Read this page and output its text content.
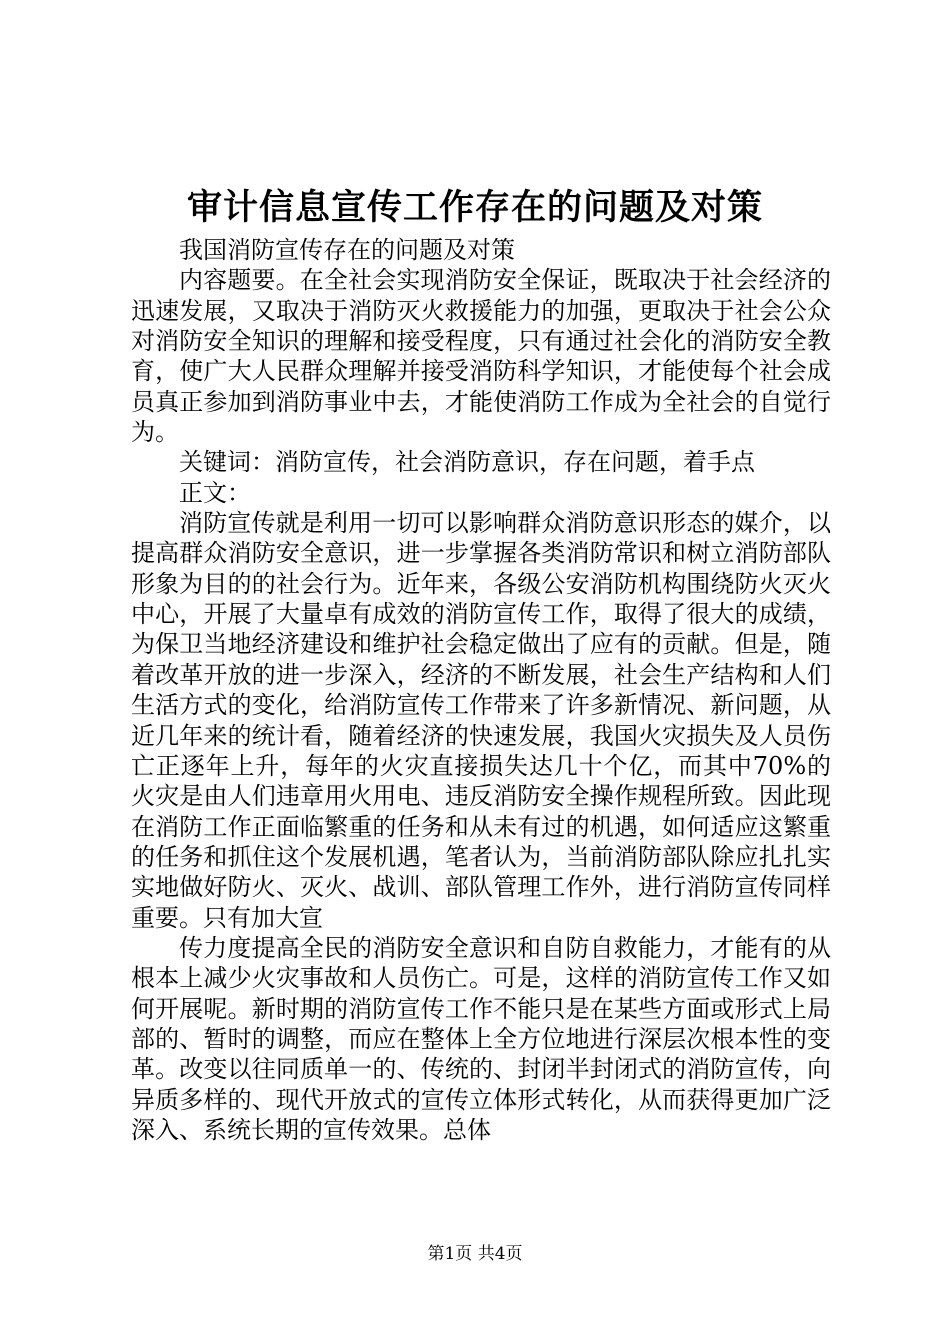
审计信息宣传工作存在的问题及对策

我国消防宣传存在的问题及对策

内容题要。在全社会实现消防安全保证，既取决于社会经济的迅速发展，又取决于消防灭火救援能力的加强，更取决于社会公众对消防安全知识的理解和接受程度，只有通过社会化的消防安全教育，使广大人民群众理解并接受消防科学知识，才能使每个社会成员真正参加到消防事业中去，才能使消防工作成为全社会的自觉行为。

关键词：消防宣传，社会消防意识，存在问题，着手点

正文：

消防宣传就是利用一切可以影响群众消防意识形态的媒介，以提高群众消防安全意识，进一步掌握各类消防常识和树立消防部队形象为目的的社会行为。近年来，各级公安消防机构围绕防火灭火中心，开展了大量卓有成效的消防宣传工作，取得了很大的成绩，为保卫当地经济建设和维护社会稳定做出了应有的贡献。但是，随着改革开放的进一步深入，经济的不断发展，社会生产结构和人们生活方式的变化，给消防宣传工作带来了许多新情况、新问题，从近几年来的统计看，随着经济的快速发展，我国火灾损失及人员伤亡正逐年上升，每年的火灾直接损失达几十个亿，而其中70%的火灾是由人们违章用火用电、违反消防安全操作规程所致。因此现在消防工作正面临繁重的任务和从未有过的机遇，如何适应这繁重的任务和抓住这个发展机遇，笔者认为，当前消防部队除应扎扎实实地做好防火、灭火、战训、部队管理工作外，进行消防宣传同样重要。只有加大宣

传力度提高全民的消防安全意识和自防自救能力，才能有的从根本上减少火灾事故和人员伤亡。可是，这样的消防宣传工作又如何开展呢。新时期的消防宣传工作不能只是在某些方面或形式上局部的、暂时的调整，而应在整体上全方位地进行深层次根本性的变革。改变以往同质单一的、传统的、封闭半封闭式的消防宣传，向异质多样的、现代开放式的宣传立体形式转化，从而获得更加广泛深入、系统长期的宣传效果。总体

第1页 共4页
